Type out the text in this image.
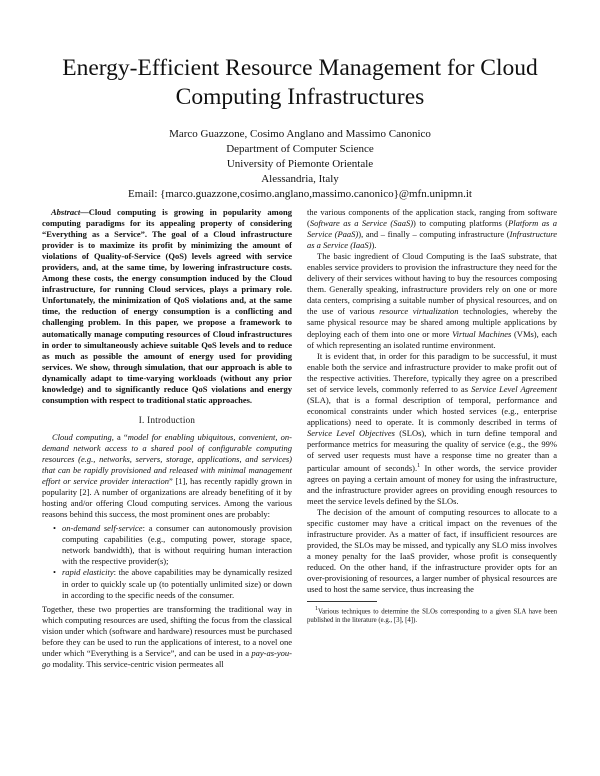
Energy-Efficient Resource Management for Cloud Computing Infrastructures
Marco Guazzone, Cosimo Anglano and Massimo Canonico
Department of Computer Science
University of Piemonte Orientale
Alessandria, Italy
Email: {marco.guazzone,cosimo.anglano,massimo.canonico}@mfn.unipmn.it

Abstract—Cloud computing is growing in popularity among computing paradigms for its appealing property of considering “Everything as a Service”. The goal of a Cloud infrastructure provider is to maximize its profit by minimizing the amount of violations of Quality-of-Service (QoS) levels agreed with service providers, and, at the same time, by lowering infrastructure costs. Among these costs, the energy consumption induced by the Cloud infrastructure, for running Cloud services, plays a primary role. Unfortunately, the minimization of QoS violations and, at the same time, the reduction of energy consumption is a conflicting and challenging problem. In this paper, we propose a framework to automatically manage computing resources of Cloud infrastructures in order to simultaneously achieve suitable QoS levels and to reduce as much as possible the amount of energy used for providing services. We show, through simulation, that our approach is able to dynamically adapt to time-varying workloads (without any prior knowledge) and to significantly reduce QoS violations and energy consumption with respect to traditional static approaches.

I. Introduction

Cloud computing, a “model for enabling ubiquitous, convenient, on-demand network access to a shared pool of configurable computing resources (e.g., networks, servers, storage, applications, and services) that can be rapidly provisioned and released with minimal management effort or service provider interaction” [1], has recently rapidly grown in popularity [2]. A number of organizations are already benefiting of it by hosting and/or offering Cloud computing services. Among the various reasons behind this success, the most prominent ones are probably:

• on-demand self-service: a consumer can autonomously provision computing capabilities (e.g., computing power, storage space, network bandwidth), that is without requiring human interaction with the respective provider(s);
• rapid elasticity: the above capabilities may be dynamically resized in order to quickly scale up (to potentially unlimited size) or down in according to the specific needs of the consumer.

Together, these two properties are transforming the traditional way in which computing resources are used, shifting the focus from the classical vision under which (software and hardware) resources must be purchased before they can be used to run the applications of interest, to a novel one under which “Everything is a Service”, and can be used in a pay-as-you-go modality. This service-centric vision permeates all

the various components of the application stack, ranging from software (Software as a Service (SaaS)) to computing platforms (Platform as a Service (PaaS)), and – finally – computing infrastructure (Infrastructure as a Service (IaaS)).

The basic ingredient of Cloud Computing is the IaaS substrate, that enables service providers to provision the infrastructure they need for the delivery of their services without having to buy the resources composing them. Generally speaking, infrastructure providers rely on one or more data centers, comprising a suitable number of physical resources, and on the use of various resource virtualization technologies, whereby the same physical resource may be shared among multiple applications by deploying each of them into one or more Virtual Machines (VMs), each of which representing an isolated runtime environment.

It is evident that, in order for this paradigm to be successful, it must enable both the service and infrastructure provider to make profit out of the respective activities. Therefore, typically they agree on a prescribed set of service levels, commonly referred to as Service Level Agreement (SLA), that is a formal description of temporal, performance and economical constraints under which hosted services (e.g., enterprise applications) need to operate. It is commonly described in terms of Service Level Objectives (SLOs), which in turn define temporal and performance metrics for measuring the quality of service (e.g., the 99% of served user requests must have a response time no greater than a particular amount of seconds).$^1$ In other words, the service provider agrees on paying a certain amount of money for using the infrastructure, and the infrastructure provider agrees on providing enough resources to meet the service levels defined by the SLOs.

The decision of the amount of computing resources to allocate to a specific customer may have a critical impact on the revenues of the infrastructure provider. As a matter of fact, if insufficient resources are provided, the SLOs may be missed, and typically any SLO miss involves a money penalty for the IaaS provider, whose profit is consequently reduced. On the other hand, if the infrastructure provider opts for an over-provisioning of resources, a larger number of physical resources are used to host the same service, thus increasing the

$^1$Various techniques to determine the SLOs corresponding to a given SLA have been published in the literature (e.g., [3], [4]).
